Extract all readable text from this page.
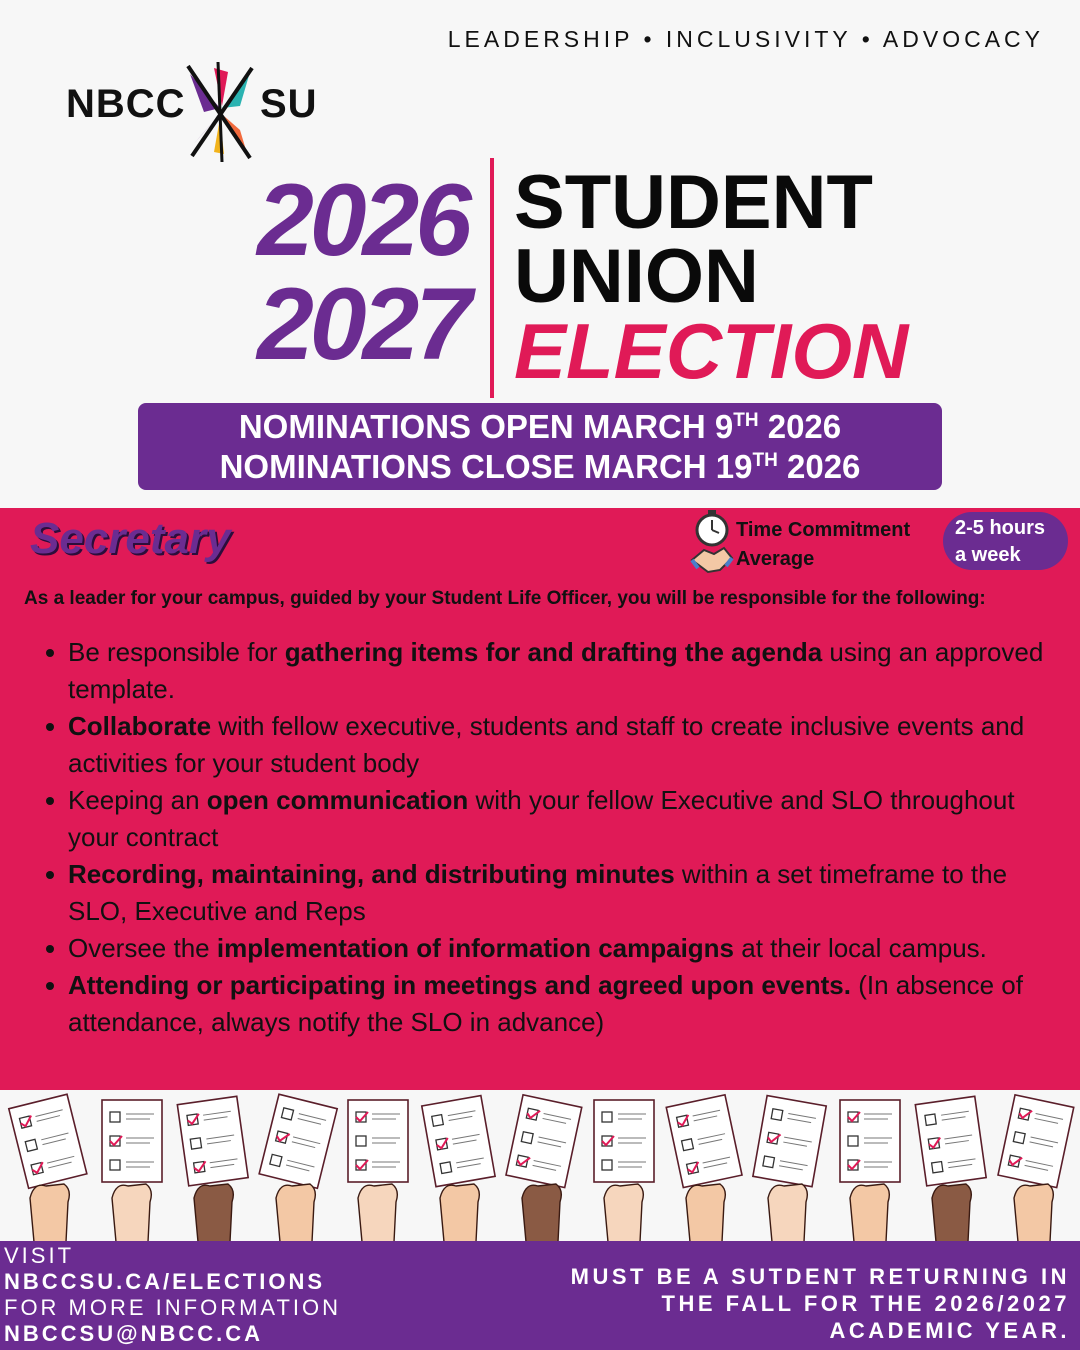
LEADERSHIP • INCLUSIVITY • ADVOCACY
NBCC SU
2026
2027
STUDENT
UNION
ELECTION
NOMINATIONS OPEN MARCH 9TH 2026
NOMINATIONS CLOSE MARCH 19TH 2026
Secretary	Time Commitment
Average
2-5 hours
a week
As a leader for your campus, guided by your Student Life Officer, you will be responsible for the following:
Be responsible for gathering items for and drafting the agenda using an approved template.
Collaborate with fellow executive, students and staff to create inclusive events and activities for your student body
Keeping an open communication with your fellow Executive and SLO throughout your contract
Recording, maintaining, and distributing minutes within a set timeframe to the SLO, Executive and Reps
Oversee the implementation of information campaigns at their local campus.
Attending or participating in meetings and agreed upon events. (In absence of attendance, always notify the SLO in advance)
VISIT
NBCCSU.CA/ELECTIONS
FOR MORE INFORMATION
NBCCSU@NBCC.CA
MUST BE A SUTDENT RETURNING IN
THE FALL FOR THE 2026/2027
ACADEMIC YEAR.
